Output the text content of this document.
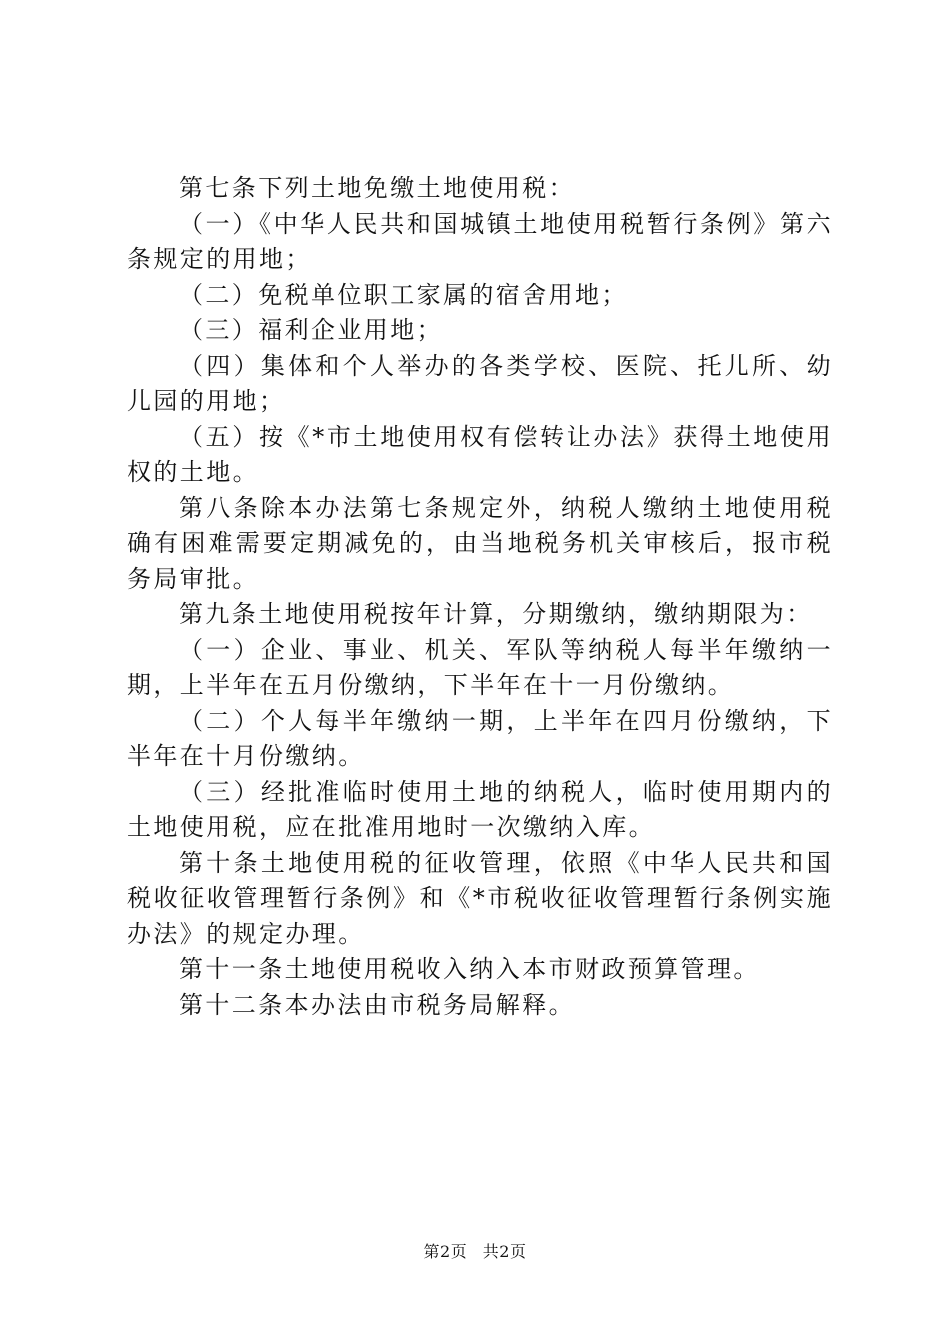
第七条下列土地免缴土地使用税：

（一）《中华人民共和国城镇土地使用税暂行条例》第六条规定的用地；

（二）免税单位职工家属的宿舍用地；

（三）福利企业用地；

（四）集体和个人举办的各类学校、医院、托儿所、幼儿园的用地；

（五）按《*市土地使用权有偿转让办法》获得土地使用权的土地。

第八条除本办法第七条规定外，纳税人缴纳土地使用税确有困难需要定期减免的，由当地税务机关审核后，报市税务局审批。

第九条土地使用税按年计算，分期缴纳，缴纳期限为：

（一）企业、事业、机关、军队等纳税人每半年缴纳一期，上半年在五月份缴纳，下半年在十一月份缴纳。

（二）个人每半年缴纳一期，上半年在四月份缴纳，下半年在十月份缴纳。

（三）经批准临时使用土地的纳税人，临时使用期内的土地使用税，应在批准用地时一次缴纳入库。

第十条土地使用税的征收管理，依照《中华人民共和国税收征收管理暂行条例》和《*市税收征收管理暂行条例实施办法》的规定办理。

第十一条土地使用税收入纳入本市财政预算管理。

第十二条本办法由市税务局解释。

第2页 共2页
